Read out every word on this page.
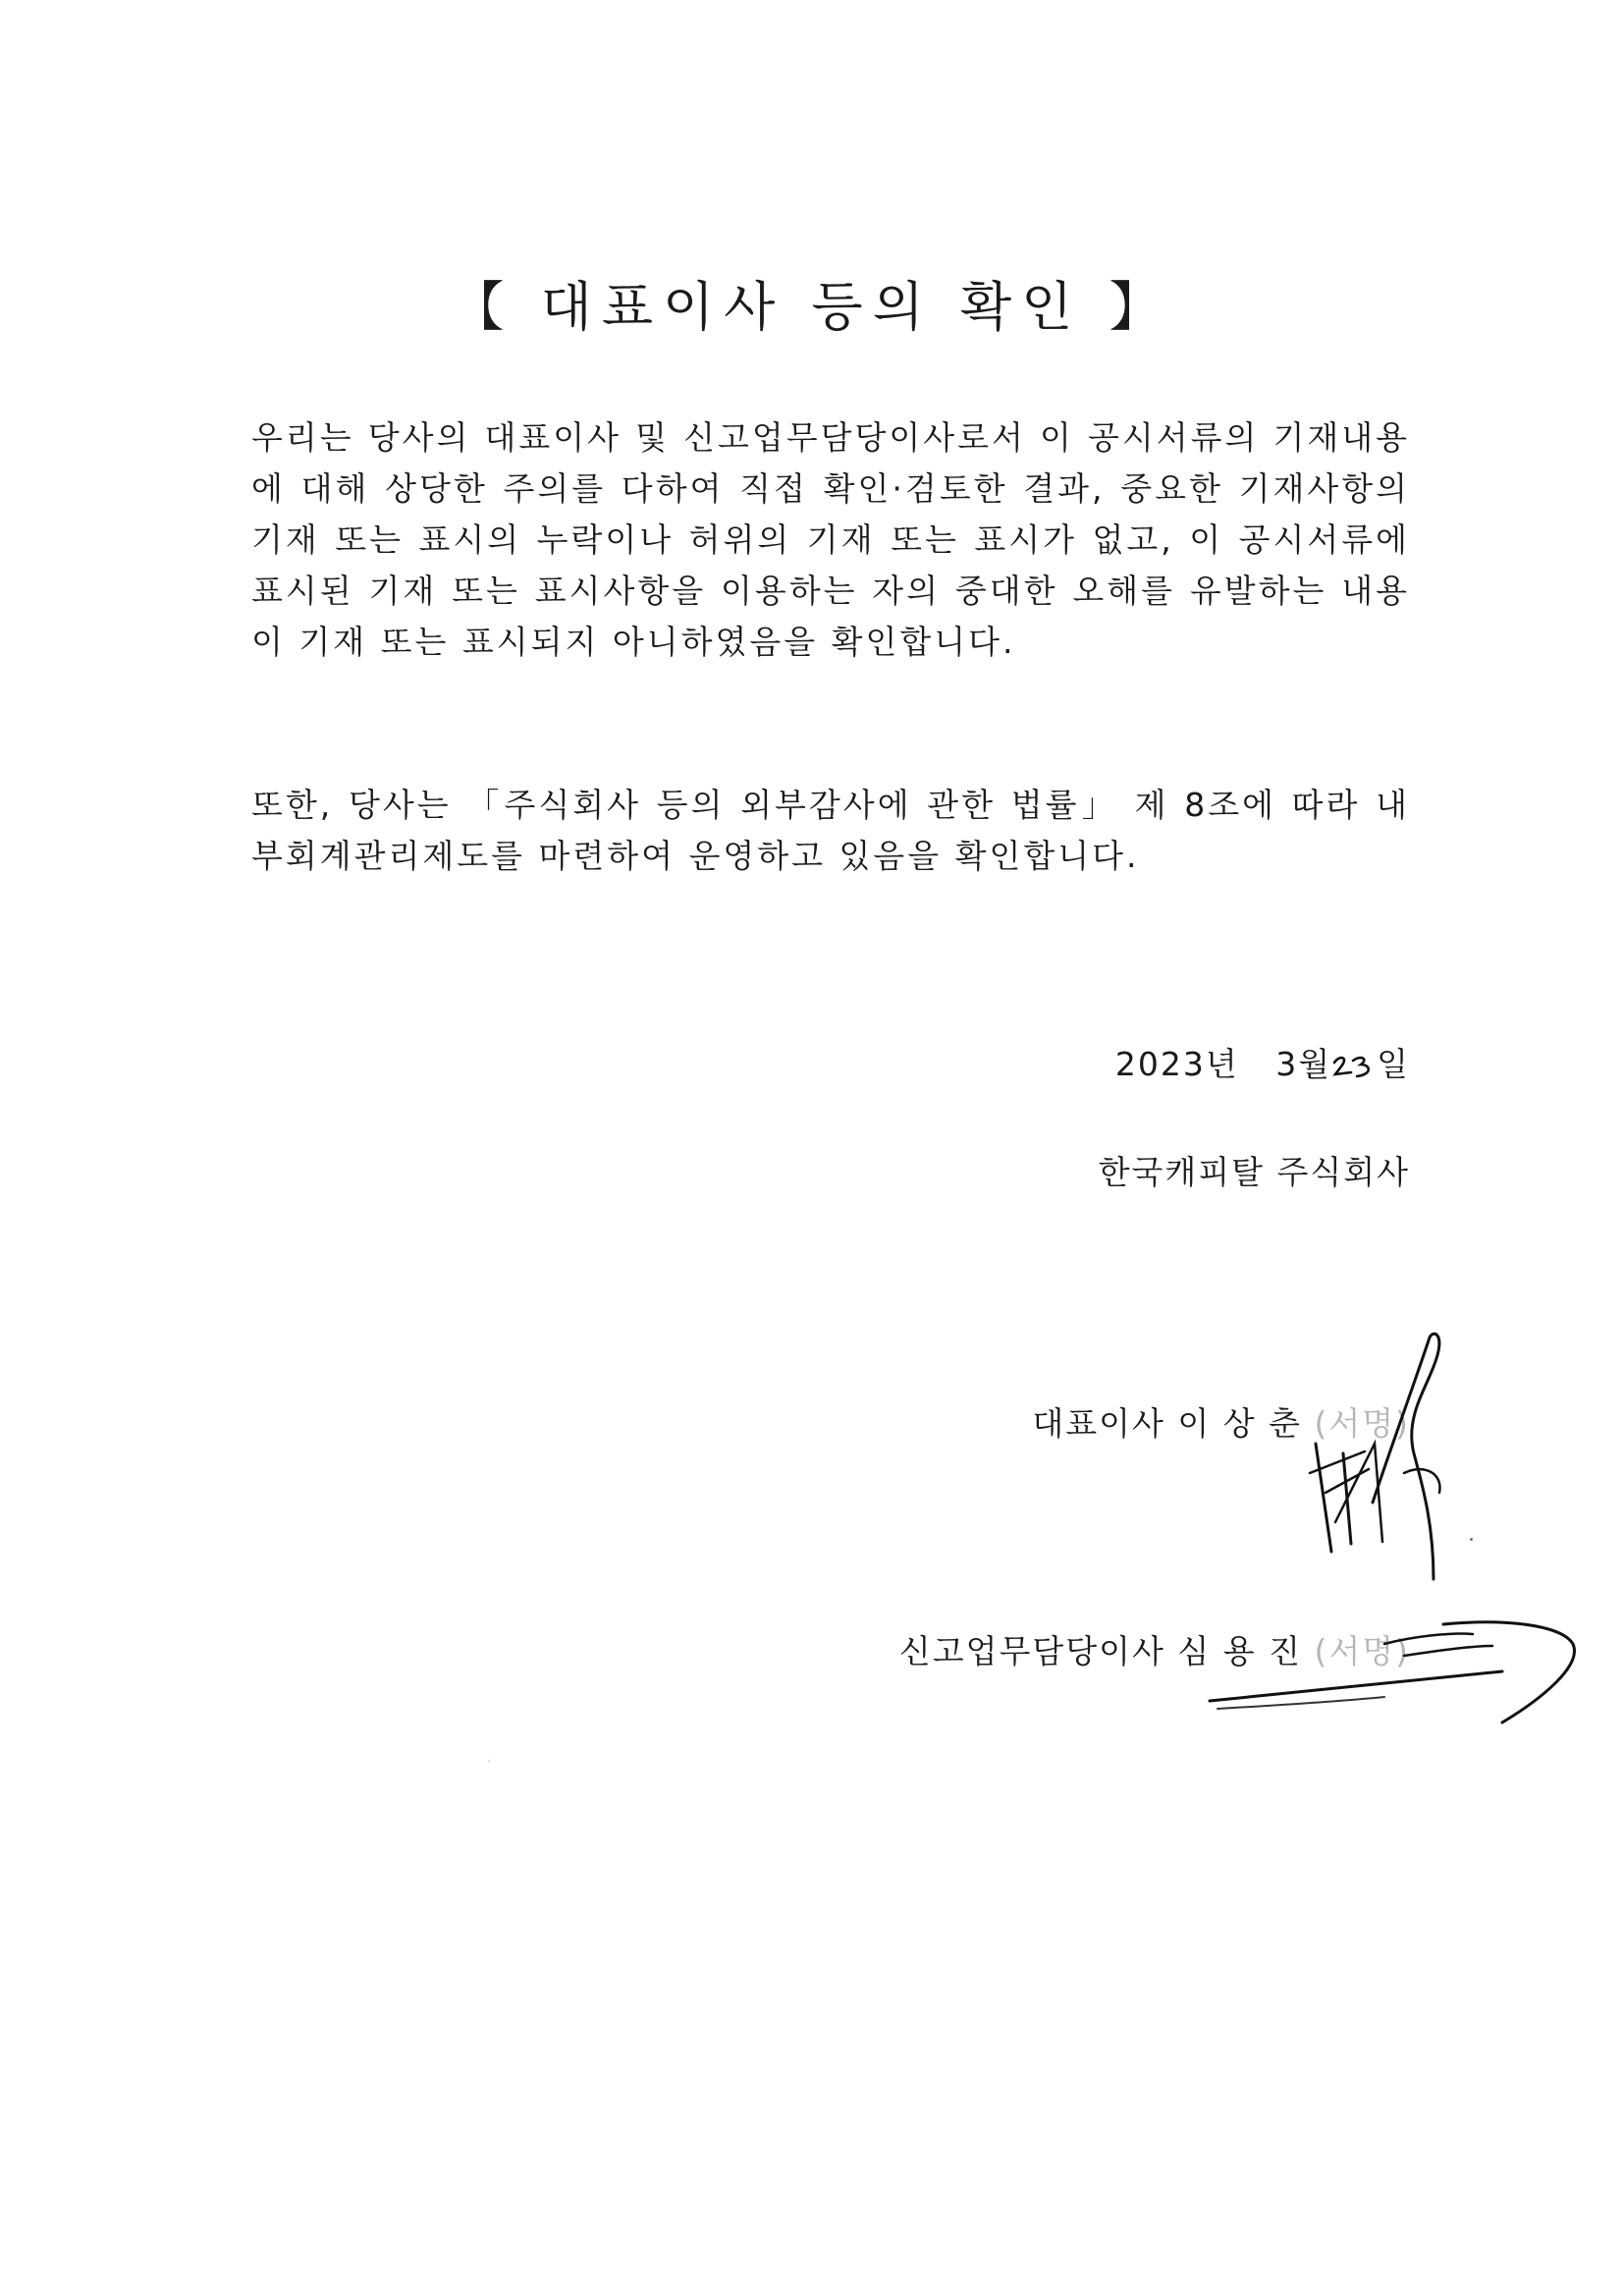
【 대표이사 등의 확인 】

우리는 당사의 대표이사 및 신고업무담당이사로서 이 공시서류의 기재내용에 대해 상당한 주의를 다하여 직접 확인·검토한 결과, 중요한 기재사항의 기재 또는 표시의 누락이나 허위의 기재 또는 표시가 없고, 이 공시서류에 표시된 기재 또는 표시사항을 이용하는 자의 중대한 오해를 유발하는 내용이 기재 또는 표시되지 아니하였음을 확인합니다.

또한, 당사는 「주식회사 등의 외부감사에 관한 법률」 제 8조에 따라 내부회계관리제도를 마련하여 운영하고 있음을 확인합니다.

2023년 3월 일

한국캐피탈 주식회사

대표이사 이 상 춘 (서명)

신고업무담당이사 심 용 진 (서명)
